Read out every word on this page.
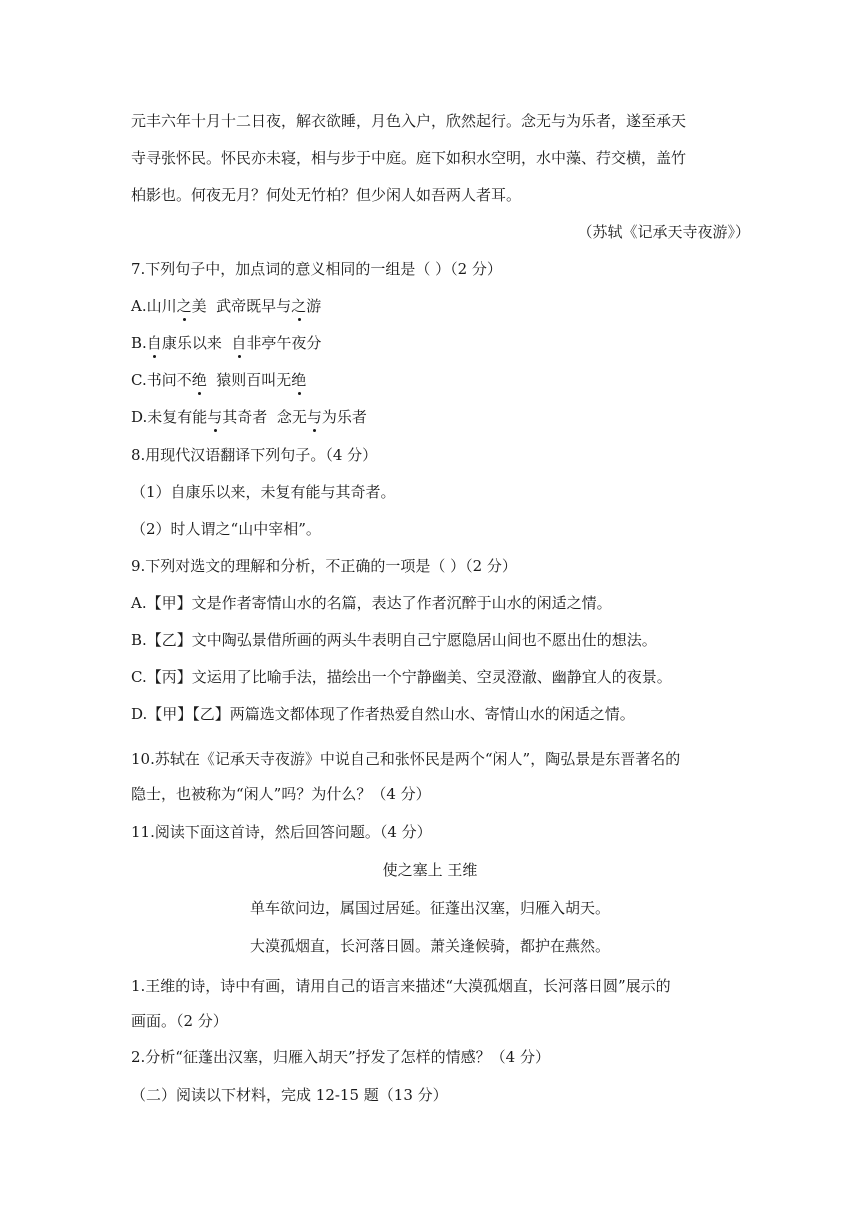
元丰六年十月十二日夜，解衣欲睡，月色入户，欣然起行。念无与为乐者，遂至承天
寺寻张怀民。怀民亦未寝，相与步于中庭。庭下如积水空明，水中藻、荇交横，盖竹
柏影也。何夜无月？何处无竹柏？但少闲人如吾两人者耳。
（苏轼《记承天寺夜游》）
7.下列句子中，加点词的意义相同的一组是（ ）（2 分）
A.山川之美  武帝既早与之游
B.自康乐以来  自非亭午夜分
C.书问不绝  猿则百叫无绝
D.未复有能与其奇者  念无与为乐者
8.用现代汉语翻译下列句子。（4 分）
（1）自康乐以来，未复有能与其奇者。
（2）时人谓之“山中宰相”。
9.下列对选文的理解和分析，不正确的一项是（ ）（2 分）
A.【甲】文是作者寄情山水的名篇，表达了作者沉醉于山水的闲适之情。
B.【乙】文中陶弘景借所画的两头牛表明自己宁愿隐居山间也不愿出仕的想法。
C.【丙】文运用了比喻手法，描绘出一个宁静幽美、空灵澄澈、幽静宜人的夜景。
D.【甲】【乙】两篇选文都体现了作者热爱自然山水、寄情山水的闲适之情。
10.苏轼在《记承天寺夜游》中说自己和张怀民是两个“闲人”，陶弘景是东晋著名的
隐士，也被称为“闲人”吗？为什么？（4 分）
11.阅读下面这首诗，然后回答问题。（4 分）
使之塞上 王维
单车欲问边，属国过居延。征蓬出汉塞，归雁入胡天。
大漠孤烟直，长河落日圆。萧关逢候骑，都护在燕然。
1.王维的诗，诗中有画，请用自己的语言来描述“大漠孤烟直，长河落日圆”展示的
画面。（2 分）
2.分析“征蓬出汉塞，归雁入胡天”抒发了怎样的情感？（4 分）
（二）阅读以下材料，完成 12-15 题（13 分）
